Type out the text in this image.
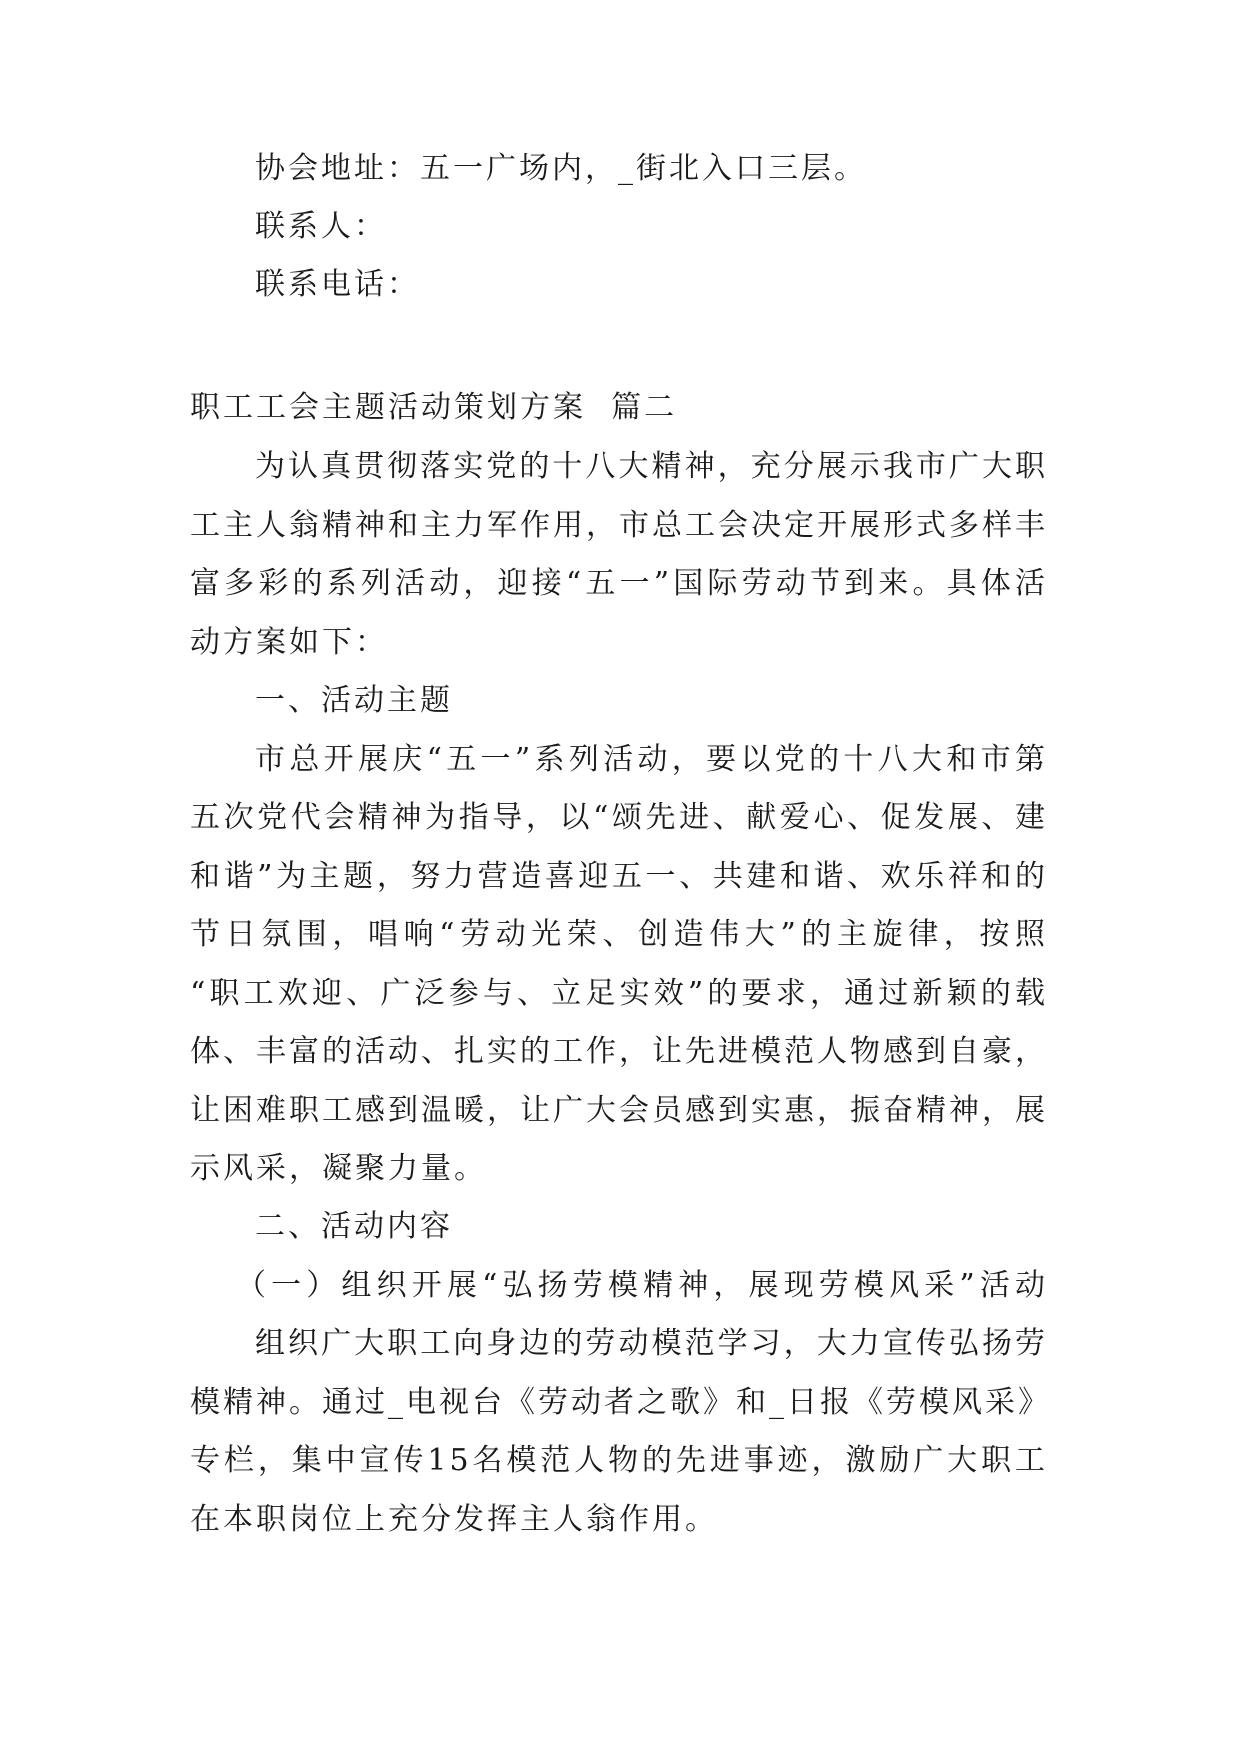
协会地址：五一广场内，_街北入口三层。
联系人：
联系电话：
职工工会主题活动策划方案  篇二
为认真贯彻落实党的十八大精神，充分展示我市广大职
工主人翁精神和主力军作用，市总工会决定开展形式多样丰
富多彩的系列活动，迎接“五一”国际劳动节到来。具体活
动方案如下：
一、活动主题
市总开展庆“五一”系列活动，要以党的十八大和市第
五次党代会精神为指导，以“颂先进、献爱心、促发展、建
和谐”为主题，努力营造喜迎五一、共建和谐、欢乐祥和的
节日氛围，唱响“劳动光荣、创造伟大”的主旋律，按照
“职工欢迎、广泛参与、立足实效”的要求，通过新颖的载
体、丰富的活动、扎实的工作，让先进模范人物感到自豪，
让困难职工感到温暖，让广大会员感到实惠，振奋精神，展
示风采，凝聚力量。
二、活动内容
（一）组织开展“弘扬劳模精神，展现劳模风采”活动
组织广大职工向身边的劳动模范学习，大力宣传弘扬劳
模精神。通过_电视台《劳动者之歌》和_日报《劳模风采》
专栏，集中宣传15名模范人物的先进事迹，激励广大职工
在本职岗位上充分发挥主人翁作用。
